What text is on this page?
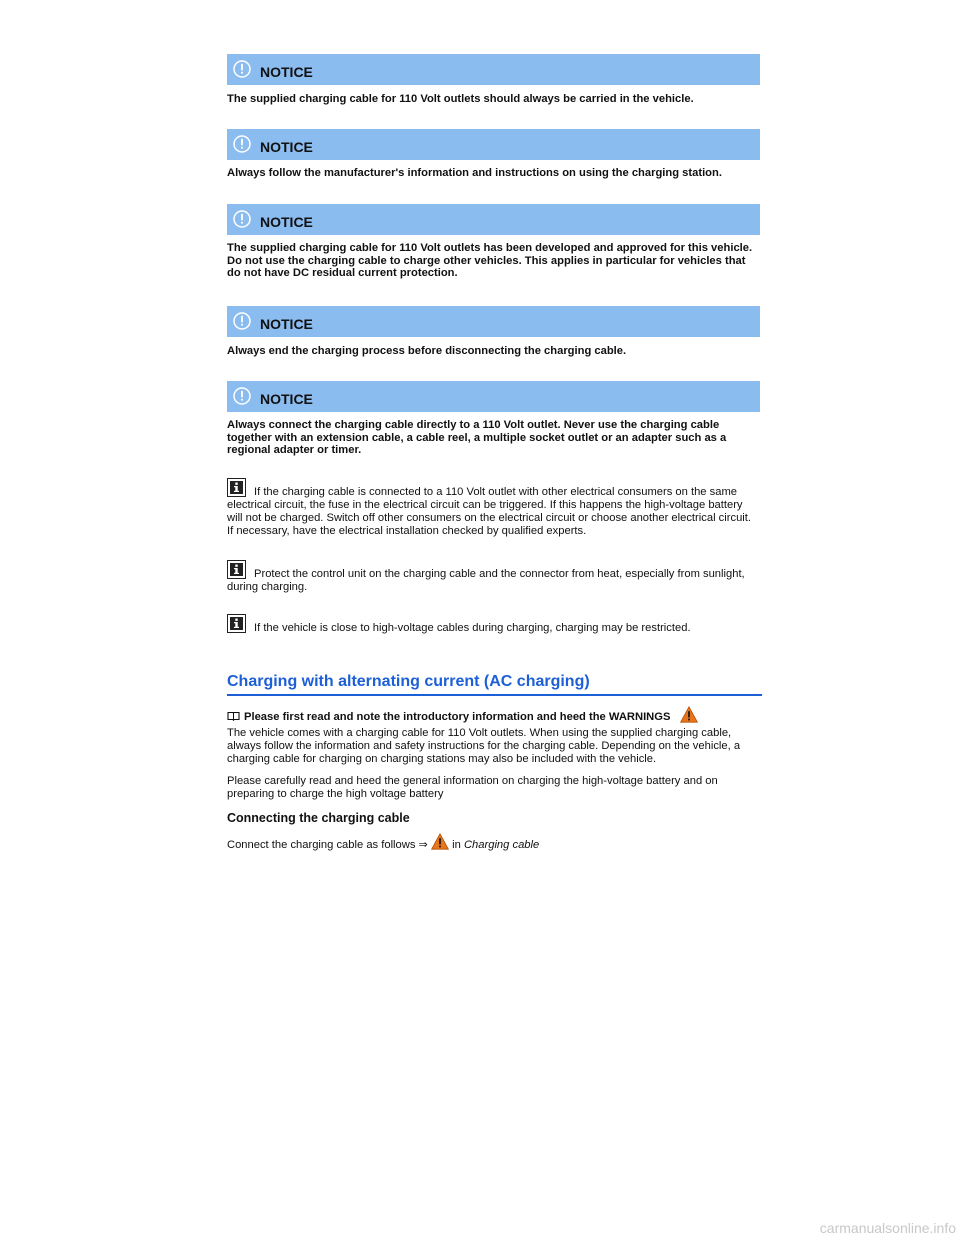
NOTICE
The supplied charging cable for 110 Volt outlets should always be carried in the vehicle.
NOTICE
Always follow the manufacturer's information and instructions on using the charging station.
NOTICE
The supplied charging cable for 110 Volt outlets has been developed and approved for this vehicle. Do not use the charging cable to charge other vehicles. This applies in particular for vehicles that do not have DC residual current protection.
NOTICE
Always end the charging process before disconnecting the charging cable.
NOTICE
Always connect the charging cable directly to a 110 Volt outlet. Never use the charging cable together with an extension cable, a cable reel, a multiple socket outlet or an adapter such as a regional adapter or timer.
If the charging cable is connected to a 110 Volt outlet with other electrical consumers on the same electrical circuit, the fuse in the electrical circuit can be triggered. If this happens the high-voltage battery will not be charged. Switch off other consumers on the electrical circuit or choose another electrical circuit. If necessary, have the electrical installation checked by qualified experts.
Protect the control unit on the charging cable and the connector from heat, especially from sunlight, during charging.
If the vehicle is close to high-voltage cables during charging, charging may be restricted.
Charging with alternating current (AC charging)
Please first read and note the introductory information and heed the WARNINGS
The vehicle comes with a charging cable for 110 Volt outlets. When using the supplied charging cable, always follow the information and safety instructions for the charging cable. Depending on the vehicle, a charging cable for charging on charging stations may also be included with the vehicle.
Please carefully read and heed the general information on charging the high-voltage battery and on preparing to charge the high voltage battery
Connecting the charging cable
Connect the charging cable as follows ⇒ in Charging cable
carmanualsonline.info
